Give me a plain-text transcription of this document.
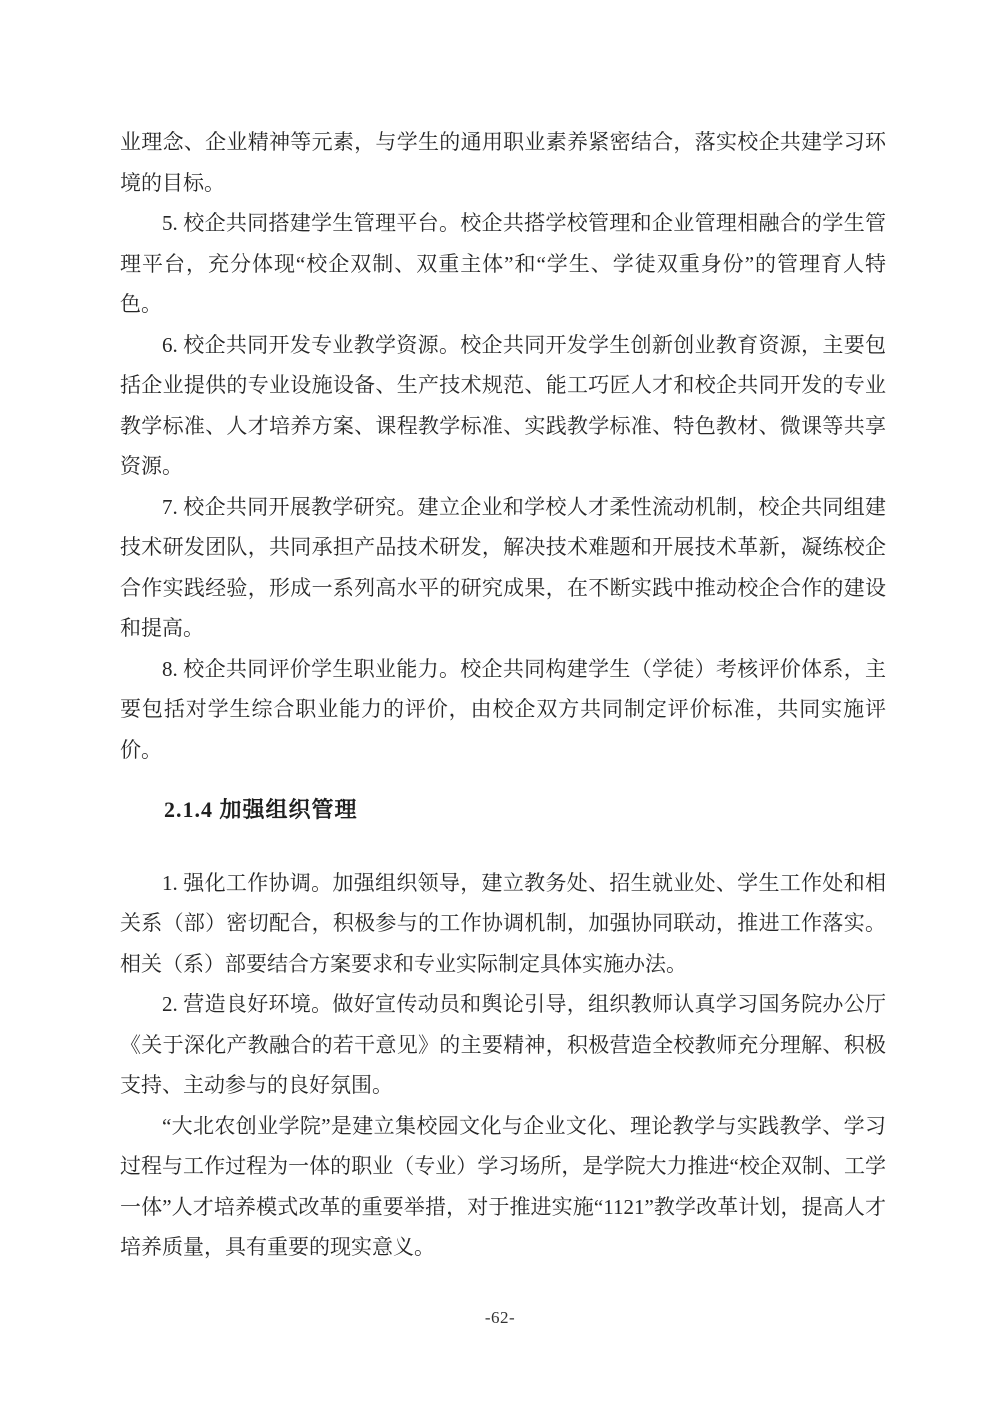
业理念、企业精神等元素，与学生的通用职业素养紧密结合，落实校企共建学习环境的目标。

5. 校企共同搭建学生管理平台。校企共搭学校管理和企业管理相融合的学生管理平台，充分体现“校企双制、双重主体”和“学生、学徒双重身份”的管理育人特色。

6. 校企共同开发专业教学资源。校企共同开发学生创新创业教育资源，主要包括企业提供的专业设施设备、生产技术规范、能工巧匠人才和校企共同开发的专业教学标准、人才培养方案、课程教学标准、实践教学标准、特色教材、微课等共享资源。

7. 校企共同开展教学研究。建立企业和学校人才柔性流动机制，校企共同组建技术研发团队，共同承担产品技术研发，解决技术难题和开展技术革新，凝练校企合作实践经验，形成一系列高水平的研究成果，在不断实践中推动校企合作的建设和提高。

8. 校企共同评价学生职业能力。校企共同构建学生（学徒）考核评价体系，主要包括对学生综合职业能力的评价，由校企双方共同制定评价标准，共同实施评价。

2.1.4 加强组织管理

1. 强化工作协调。加强组织领导，建立教务处、招生就业处、学生工作处和相关系（部）密切配合，积极参与的工作协调机制，加强协同联动，推进工作落实。相关（系）部要结合方案要求和专业实际制定具体实施办法。

2. 营造良好环境。做好宣传动员和舆论引导，组织教师认真学习国务院办公厅《关于深化产教融合的若干意见》的主要精神，积极营造全校教师充分理解、积极支持、主动参与的良好氛围。

“大北农创业学院”是建立集校园文化与企业文化、理论教学与实践教学、学习过程与工作过程为一体的职业（专业）学习场所，是学院大力推进“校企双制、工学一体”人才培养模式改革的重要举措，对于推进实施“1121”教学改革计划，提高人才培养质量，具有重要的现实意义。

-62-
